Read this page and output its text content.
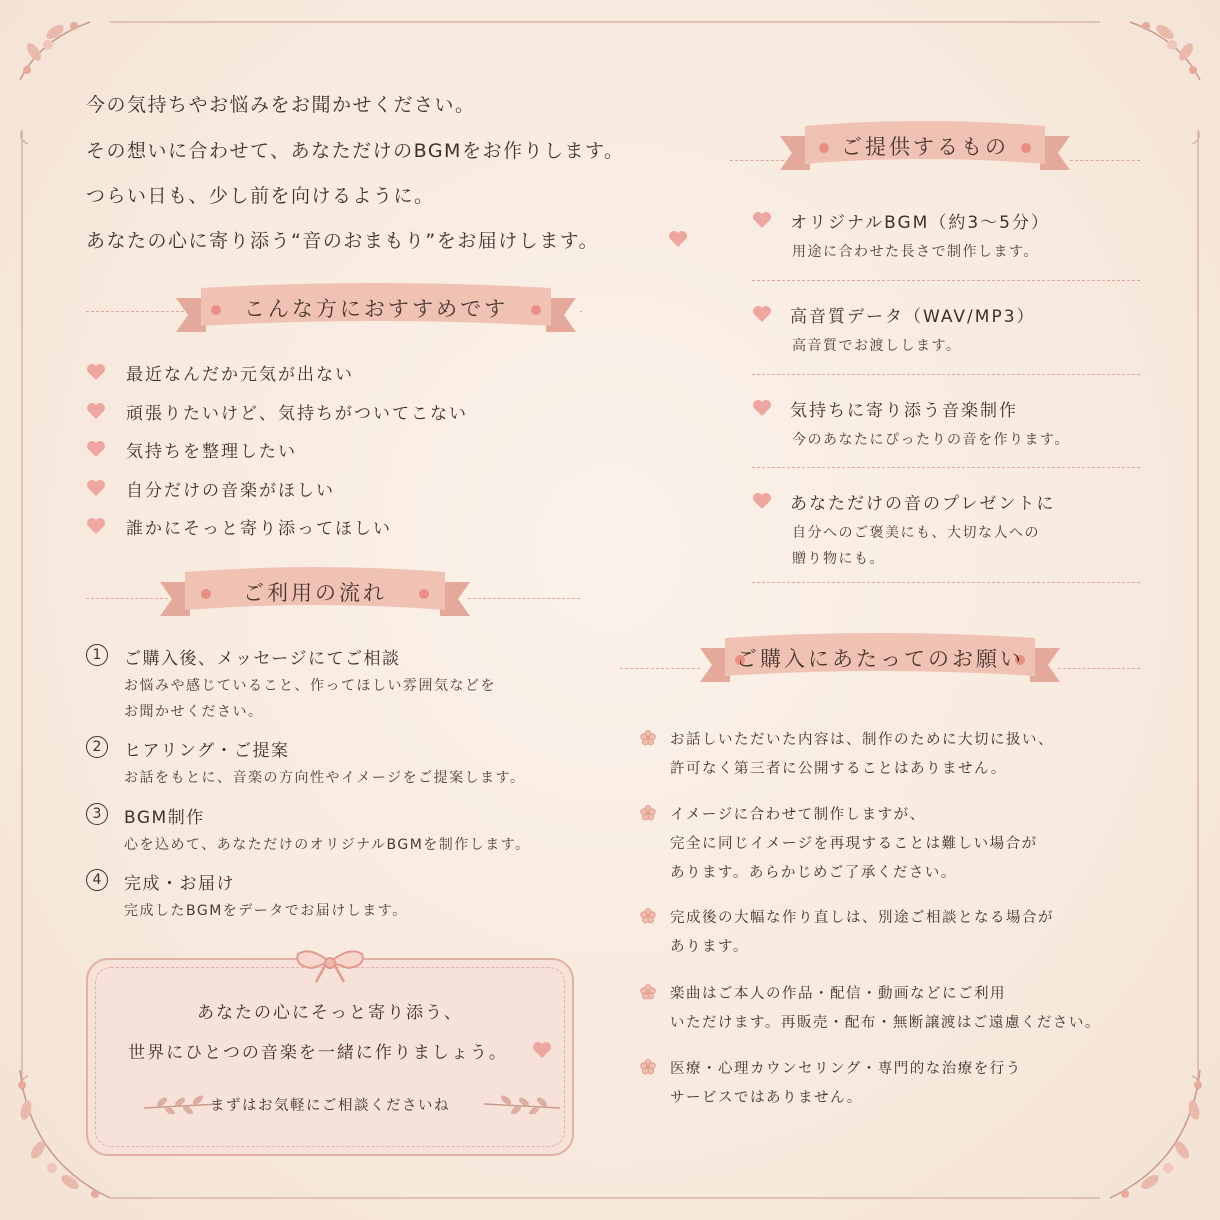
今の気持ちやお悩みをお聞かせください。
その想いに合わせて、あなただけのBGMをお作りします。
つらい日も、少し前を向けるように。
あなたの心に寄り添う“音のおまもり”をお届けします。
こんな方におすすめです
最近なんだか元気が出ない
頑張りたいけど、気持ちがついてこない
気持ちを整理したい
自分だけの音楽がほしい
誰かにそっと寄り添ってほしい
ご利用の流れ
1	ご購入後、メッセージにてご相談
お悩みや感じていること、作ってほしい雰囲気などを
お聞かせください。
2	ヒアリング・ご提案
お話をもとに、音楽の方向性やイメージをご提案します。
3	BGM制作
心を込めて、あなただけのオリジナルBGMを制作します。
4	完成・お届け
完成したBGMをデータでお届けします。
あなたの心にそっと寄り添う、
世界にひとつの音楽を一緒に作りましょう。
まずはお気軽にご相談くださいね
ご提供するもの
オリジナルBGM（約3〜5分）
用途に合わせた長さで制作します。
高音質データ（WAV/MP3）
高音質でお渡しします。
気持ちに寄り添う音楽制作
今のあなたにぴったりの音を作ります。
あなただけの音のプレゼントに
自分へのご褒美にも、大切な人への
贈り物にも。
ご購入にあたってのお願い
お話しいただいた内容は、制作のために大切に扱い、
許可なく第三者に公開することはありません。
イメージに合わせて制作しますが、
完全に同じイメージを再現することは難しい場合が
あります。あらかじめご了承ください。
完成後の大幅な作り直しは、別途ご相談となる場合が
あります。
楽曲はご本人の作品・配信・動画などにご利用
いただけます。再販売・配布・無断譲渡はご遠慮ください。
医療・心理カウンセリング・専門的な治療を行う
サービスではありません。
